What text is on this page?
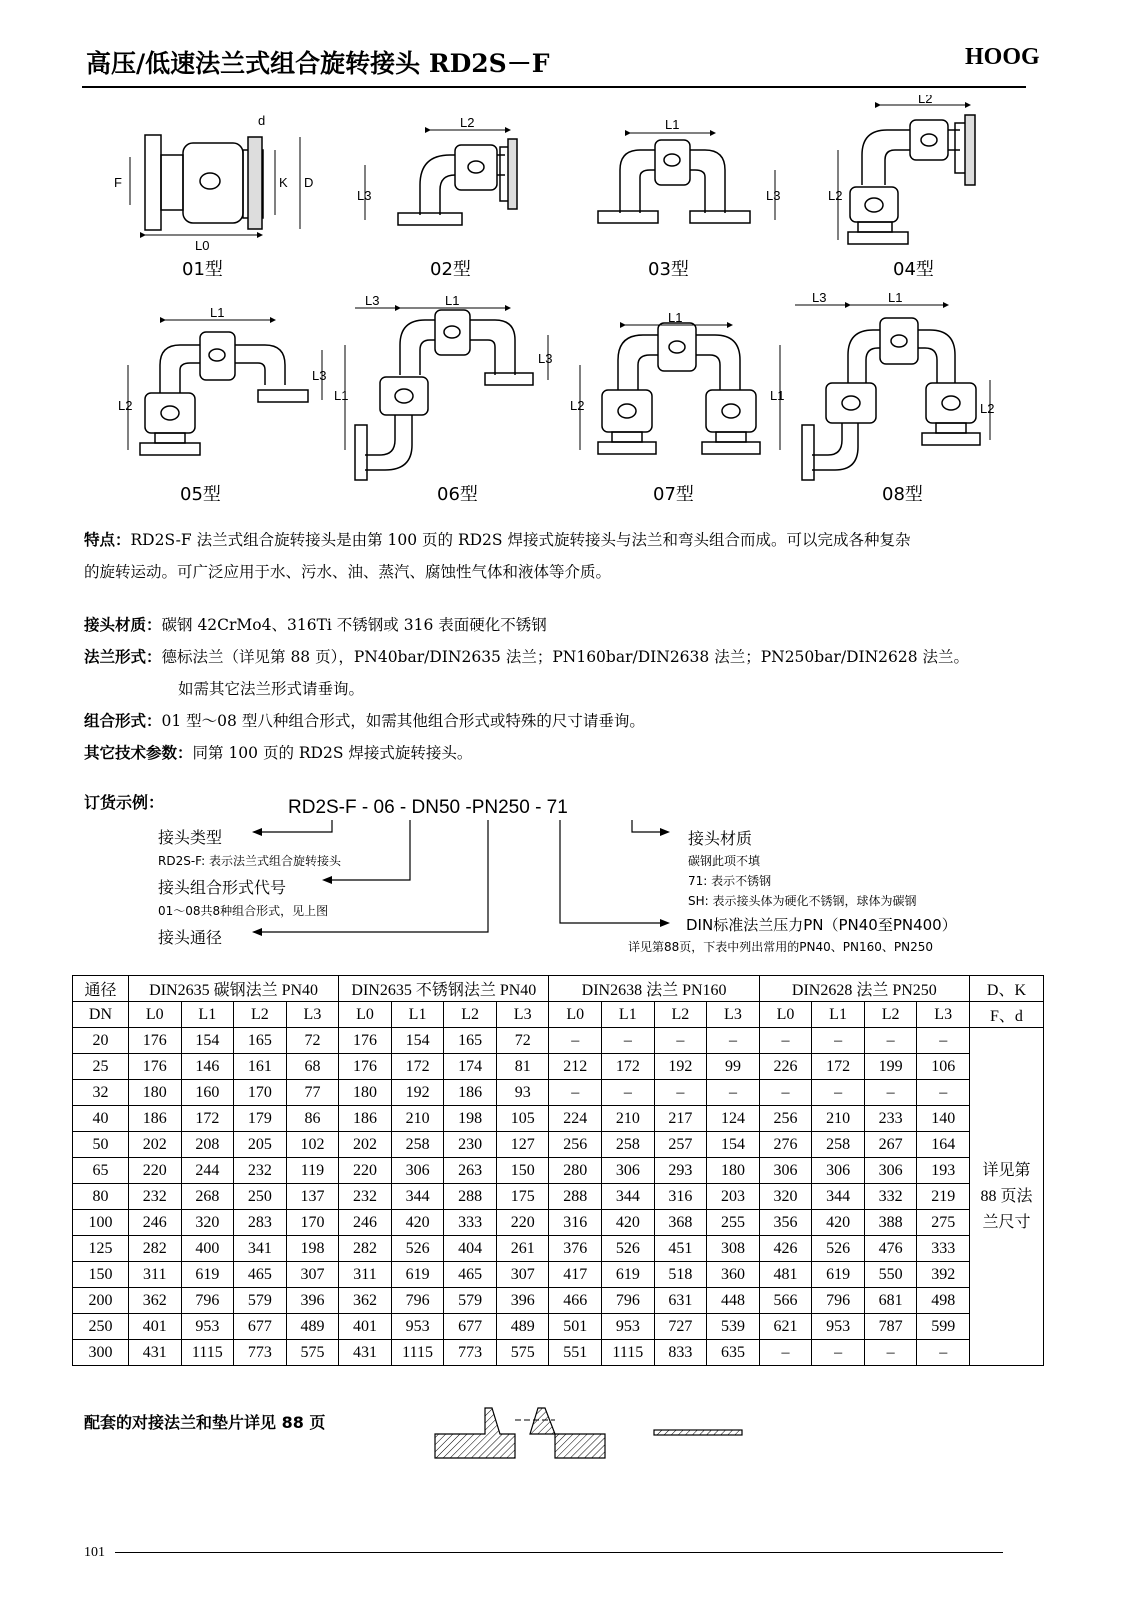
高压/低速法兰式组合旋转接头 RD2S－F	HOOG
L0
F	K D
d	L2
L3
L1
L3
L2
L2
L1
L2
L3
L3	L1
L1
L3
L1
L2
L3	L1
L1
L2
01型	02型	03型	04型
05型	06型	07型	08型
特点：RD2S-F 法兰式组合旋转接头是由第 100 页的 RD2S 焊接式旋转接头与法兰和弯头组合而成。可以完成各种复杂
的旋转运动。可广泛应用于水、污水、油、蒸汽、腐蚀性气体和液体等介质。
接头材质：碳钢 42CrMo4、316Ti 不锈钢或 316 表面硬化不锈钢
法兰形式：德标法兰（详见第 88 页），PN40bar/DIN2635 法兰；PN160bar/DIN2638 法兰；PN250bar/DIN2628 法兰。
如需其它法兰形式请垂询。
组合形式：01 型～08 型八种组合形式，如需其他组合形式或特殊的尺寸请垂询。
其它技术参数：同第 100 页的 RD2S 焊接式旋转接头。
订货示例：	RD2S-F - 06 - DN50 -PN250 - 71
接头类型
RD2S-F: 表示法兰式组合旋转接头
接头组合形式代号
01～08共8种组合形式，见上图
接头通径
接头材质
碳钢此项不填
71: 表示不锈钢
SH: 表示接头体为硬化不锈钢，球体为碳钢
DIN标准法兰压力PN（PN40至PN400）
详见第88页，下表中列出常用的PN40、PN160、PN250
通径	DIN2635 碳钢法兰 PN40				DIN2635 不锈钢法兰 PN40				DIN2638 法兰 PN160				DIN2628 法兰 PN250				D、K
DN	L0	L1	L2	L3	L0	L1	L2	L3	L0	L1	L2	L3	L0	L1	L2	L3	F、d
20	176	154	165	72	176	154	165	72	–	–	–	–	–	–	–	–	详见第
88 页法
兰尺寸

25	176	146	161	68	176	172	174	81	212	172	192	99	226	172	199	106	
32	180	160	170	77	180	192	186	93	–	–	–	–	–	–	–	–	
40	186	172	179	86	186	210	198	105	224	210	217	124	256	210	233	140	
50	202	208	205	102	202	258	230	127	256	258	257	154	276	258	267	164	
65	220	244	232	119	220	306	263	150	280	306	293	180	306	306	306	193	
80	232	268	250	137	232	344	288	175	288	344	316	203	320	344	332	219	
100	246	320	283	170	246	420	333	220	316	420	368	255	356	420	388	275	
125	282	400	341	198	282	526	404	261	376	526	451	308	426	526	476	333	
150	311	619	465	307	311	619	465	307	417	619	518	360	481	619	550	392	
200	362	796	579	396	362	796	579	396	466	796	631	448	566	796	681	498	
250	401	953	677	489	401	953	677	489	501	953	727	539	621	953	787	599	
300	431	1115	773	575	431	1115	773	575	551	1115	833	635	–	–	–	–	
配套的对接法兰和垫片详见 88 页
101
